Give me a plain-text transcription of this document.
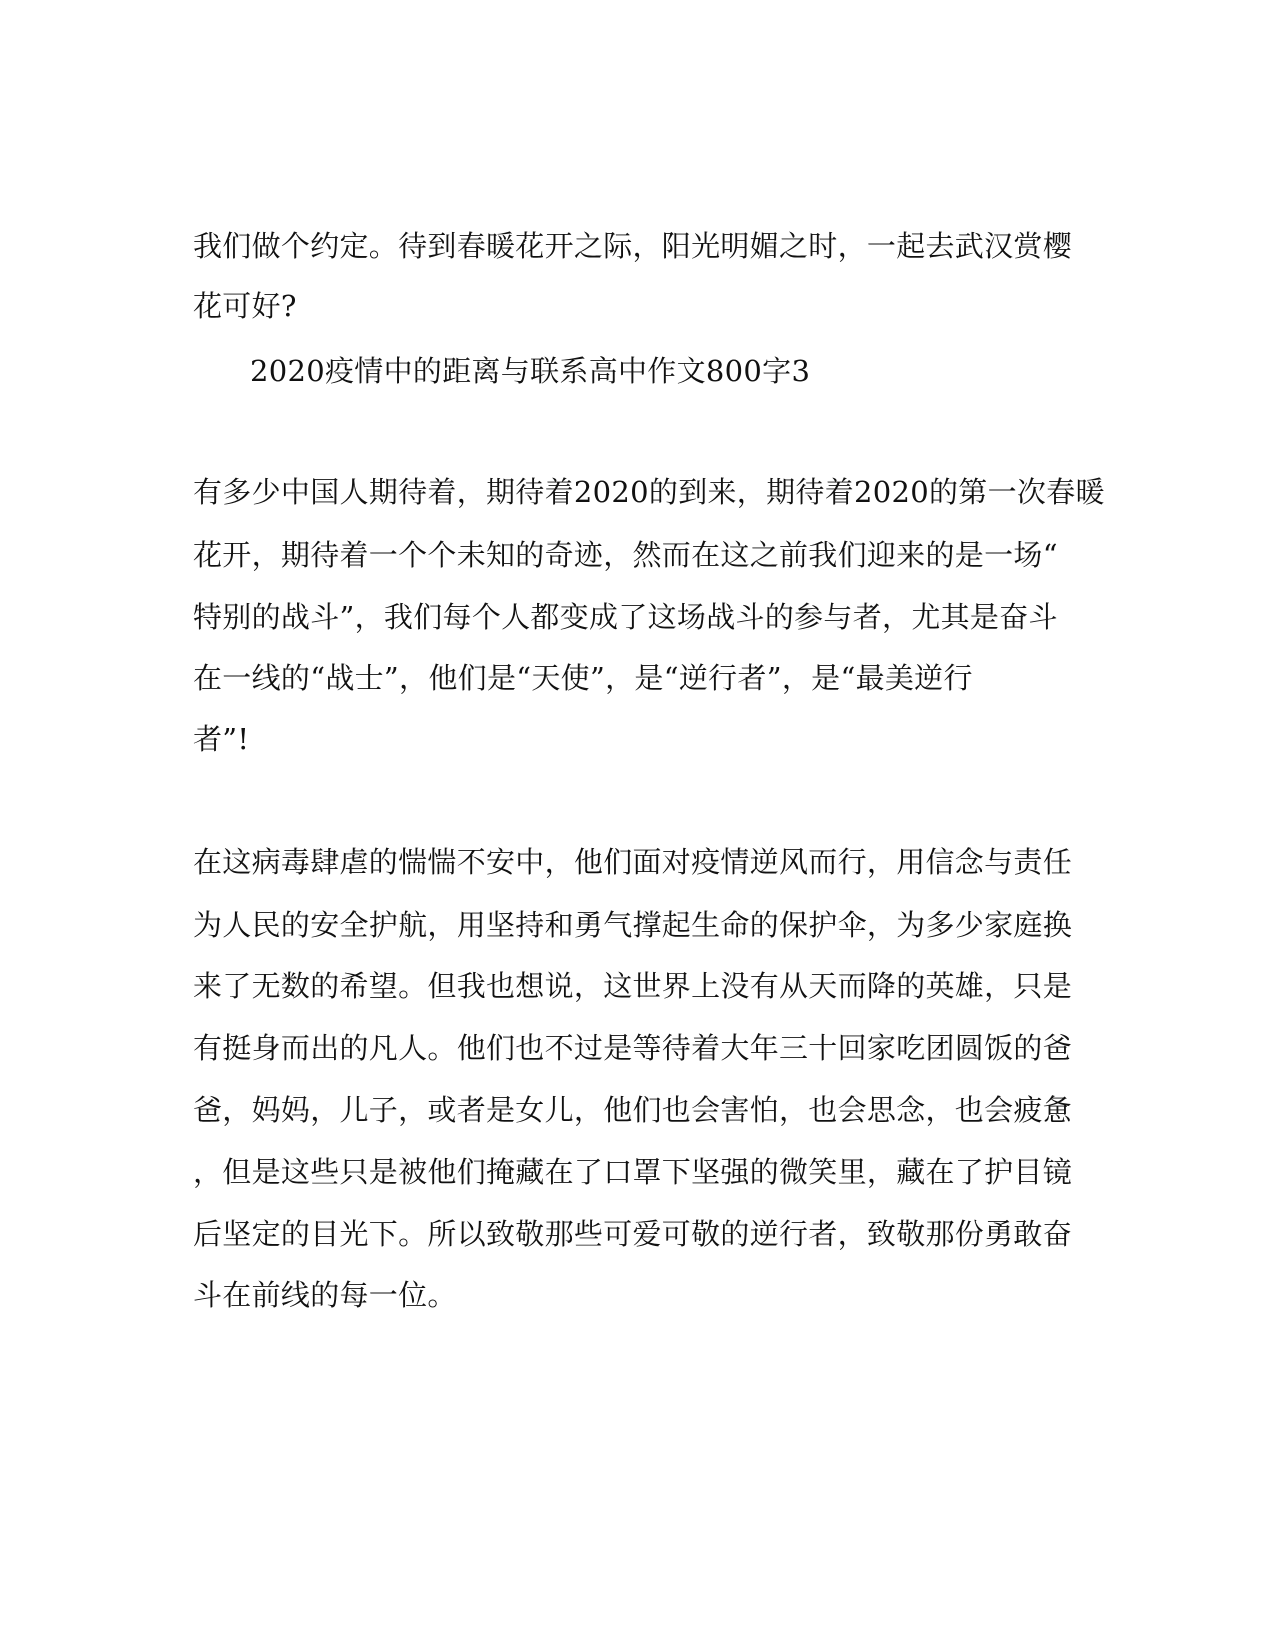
我们做个约定。待到春暖花开之际，阳光明媚之时，一起去武汉赏樱
花可好?
2020疫情中的距离与联系高中作文800字3
有多少中国人期待着，期待着2020的到来，期待着2020的第一次春暖
花开，期待着一个个未知的奇迹，然而在这之前我们迎来的是一场“
特别的战斗”，我们每个人都变成了这场战斗的参与者，尤其是奋斗
在一线的“战士”，他们是“天使”，是“逆行者”，是“最美逆行
者”!
在这病毒肆虐的惴惴不安中，他们面对疫情逆风而行，用信念与责任
为人民的安全护航，用坚持和勇气撑起生命的保护伞，为多少家庭换
来了无数的希望。但我也想说，这世界上没有从天而降的英雄，只是
有挺身而出的凡人。他们也不过是等待着大年三十回家吃团圆饭的爸
爸，妈妈，儿子，或者是女儿，他们也会害怕，也会思念，也会疲惫
，但是这些只是被他们掩藏在了口罩下坚强的微笑里，藏在了护目镜
后坚定的目光下。所以致敬那些可爱可敬的逆行者，致敬那份勇敢奋
斗在前线的每一位。
